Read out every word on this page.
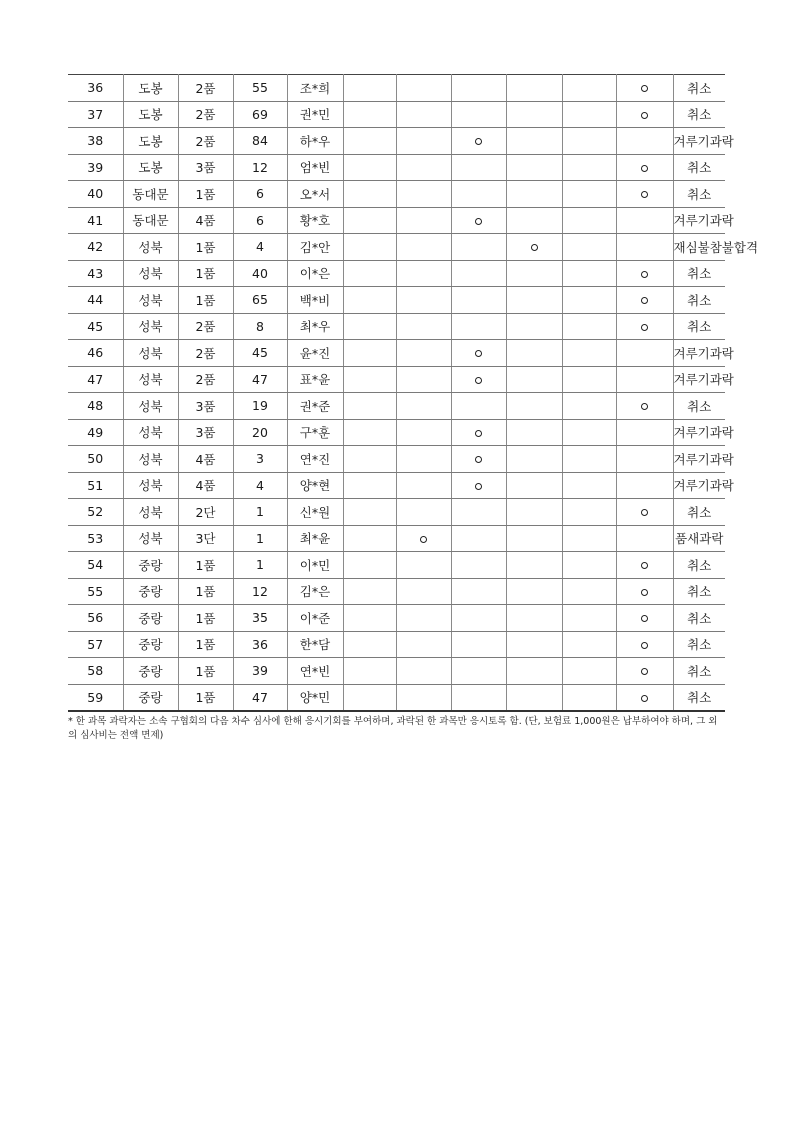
36	도봉	2품	55	조*희							취소
37	도봉	2품	69	권*민							취소
38	도봉	2품	84	하*우							겨루기과락
39	도봉	3품	12	엄*빈							취소
40	동대문	1품	6	오*서							취소
41	동대문	4품	6	황*호							겨루기과락
42	성북	1품	4	김*안							재심불참불합격
43	성북	1품	40	이*은							취소
44	성북	1품	65	백*비							취소
45	성북	2품	8	최*우							취소
46	성북	2품	45	윤*진							겨루기과락
47	성북	2품	47	표*윤							겨루기과락
48	성북	3품	19	권*준							취소
49	성북	3품	20	구*훈							겨루기과락
50	성북	4품	3	연*진							겨루기과락
51	성북	4품	4	양*현							겨루기과락
52	성북	2단	1	신*원							취소
53	성북	3단	1	최*윤							품새과락
54	중랑	1품	1	이*민							취소
55	중랑	1품	12	김*은							취소
56	중랑	1품	35	이*준							취소
57	중랑	1품	36	한*담							취소
58	중랑	1품	39	연*빈							취소
59	중랑	1품	47	양*민							취소
* 한 과목 과락자는 소속 구협회의 다음 차수 심사에 한해 응시기회를 부여하며, 과락된 한 과목만 응시토록 함. (단, 보험료 1,000원은 납부하여야 하며, 그 외의 심사비는 전액 면제)
